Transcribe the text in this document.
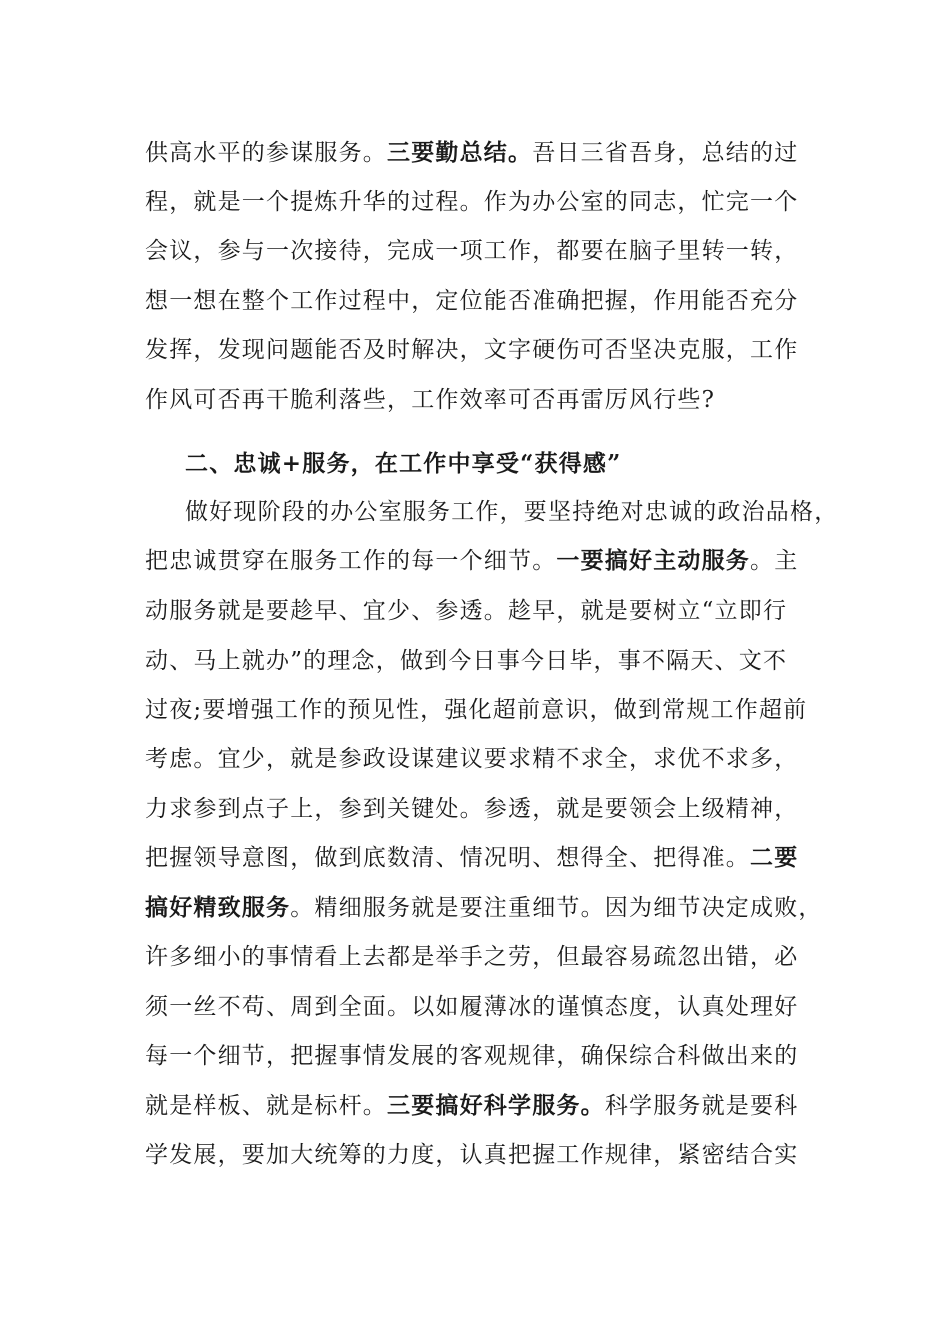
供高水平的参谋服务。三要勤总结。吾日三省吾身，总结的过
程，就是一个提炼升华的过程。作为办公室的同志，忙完一个
会议，参与一次接待，完成一项工作，都要在脑子里转一转，
想一想在整个工作过程中，定位能否准确把握，作用能否充分
发挥，发现问题能否及时解决，文字硬伤可否坚决克服，工作
作风可否再干脆利落些，工作效率可否再雷厉风行些?
二、忠诚+服务，在工作中享受“获得感”
做好现阶段的办公室服务工作，要坚持绝对忠诚的政治品格，
把忠诚贯穿在服务工作的每一个细节。一要搞好主动服务。主
动服务就是要趁早、宜少、参透。趁早，就是要树立“立即行
动、马上就办”的理念，做到今日事今日毕，事不隔天、文不
过夜;要增强工作的预见性，强化超前意识，做到常规工作超前
考虑。宜少，就是参政设谋建议要求精不求全，求优不求多，
力求参到点子上，参到关键处。参透，就是要领会上级精神，
把握领导意图，做到底数清、情况明、想得全、把得准。二要
搞好精致服务。精细服务就是要注重细节。因为细节决定成败，
许多细小的事情看上去都是举手之劳，但最容易疏忽出错，必
须一丝不苟、周到全面。以如履薄冰的谨慎态度，认真处理好
每一个细节，把握事情发展的客观规律，确保综合科做出来的
就是样板、就是标杆。三要搞好科学服务。科学服务就是要科
学发展，要加大统筹的力度，认真把握工作规律，紧密结合实
